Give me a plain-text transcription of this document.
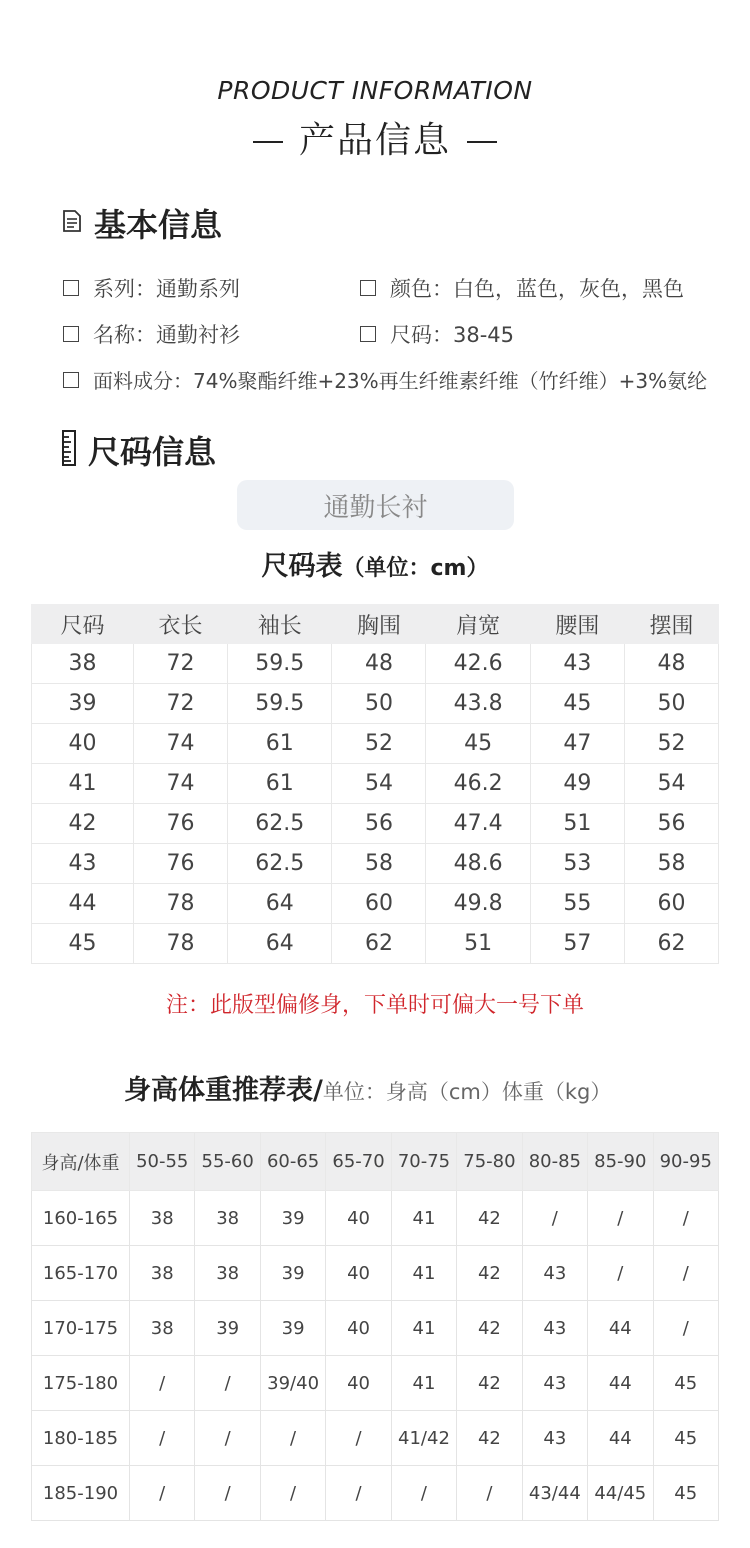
PRODUCT INFORMATION
产品信息
基本信息
系列：通勤系列	颜色：白色，蓝色，灰色，黑色
名称：通勤衬衫	尺码：38-45
面料成分：74%聚酯纤维+23%再生纤维素纤维（竹纤维）+3%氨纶
尺码信息
通勤长衬
尺码表（单位：cm）
尺码	衣长	袖长	胸围	肩宽	腰围	摆围
38	72	59.5	48	42.6	43	48
39	72	59.5	50	43.8	45	50
40	74	61	52	45	47	52
41	74	61	54	46.2	49	54
42	76	62.5	56	47.4	51	56
43	76	62.5	58	48.6	53	58
44	78	64	60	49.8	55	60
45	78	64	62	51	57	62
注：此版型偏修身，下单时可偏大一号下单
身高体重推荐表/单位：身高（cm）体重（kg）
身高/体重	50-55	55-60	60-65	65-70	70-75	75-80	80-85	85-90	90-95
160-165	38	38	39	40	41	42	/	/	/
165-170	38	38	39	40	41	42	43	/	/
170-175	38	39	39	40	41	42	43	44	/
175-180	/	/	39/40	40	41	42	43	44	45
180-185	/	/	/	/	41/42	42	43	44	45
185-190	/	/	/	/	/	/	43/44	44/45	45
